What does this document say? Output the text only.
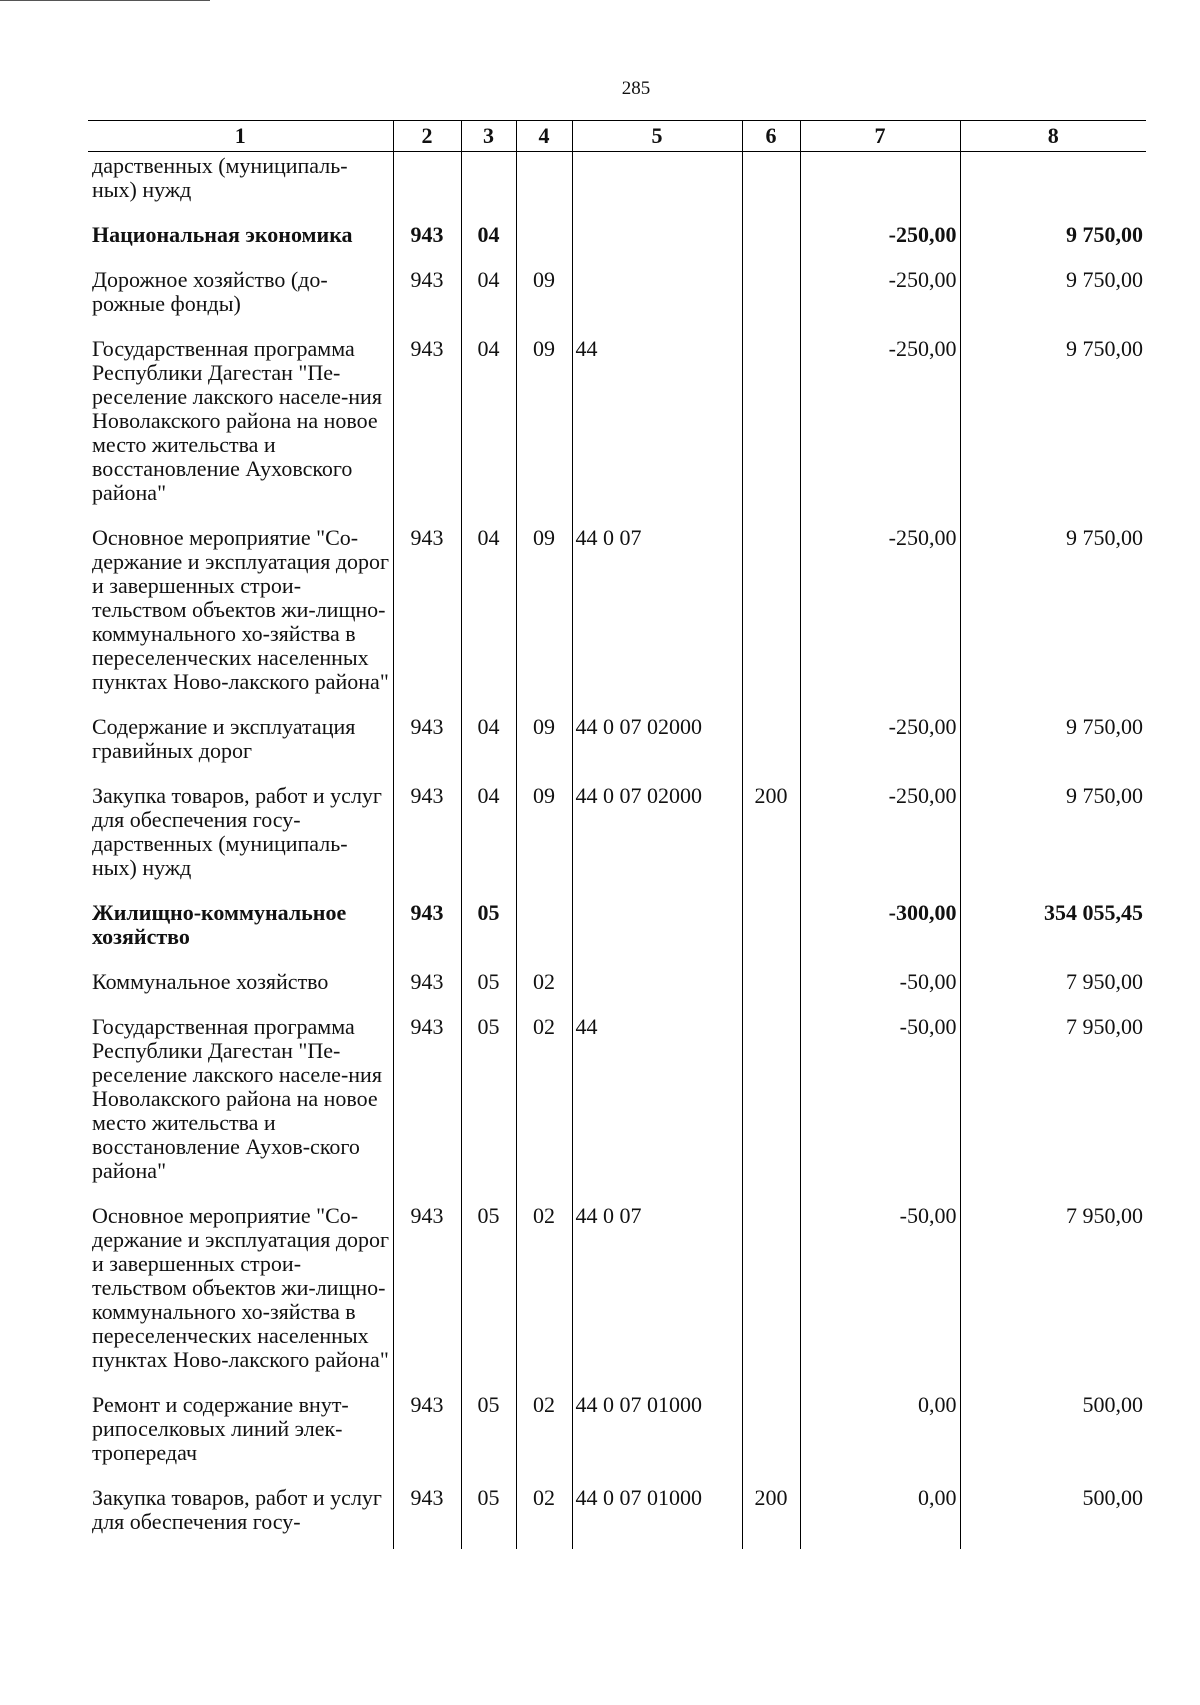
285
1	2	3	4	5	6	7	8
дарственных (муниципаль-ных) нужд							
Национальная экономика	943	04				-250,00	9 750,00
Дорожное хозяйство (до-рожные фонды)	943	04	09			-250,00	9 750,00
Государственная программа Республики Дагестан "Пе-реселение лакского населе-ния Новолакского района на новое место жительства и восстановление Ауховского района"	943	04	09	44		-250,00	9 750,00
Основное мероприятие "Со-держание и эксплуатация дорог и завершенных строи-тельством объектов жи-лищно-коммунального хо-зяйства в переселенческих населенных пунктах Ново-лакского района"	943	04	09	44 0 07		-250,00	9 750,00
Содержание и эксплуатация гравийных дорог	943	04	09	44 0 07 02000		-250,00	9 750,00
Закупка товаров, работ и услуг для обеспечения госу-дарственных (муниципаль-ных) нужд	943	04	09	44 0 07 02000	200	-250,00	9 750,00
Жилищно-коммунальное хозяйство	943	05				-300,00	354 055,45
Коммунальное хозяйство	943	05	02			-50,00	7 950,00
Государственная программа Республики Дагестан "Пе-реселение лакского населе-ния Новолакского района на новое место жительства и восстановление Аухов-ского района"	943	05	02	44		-50,00	7 950,00
Основное мероприятие "Со-держание и эксплуатация дорог и завершенных строи-тельством объектов жи-лищно-коммунального хо-зяйства в переселенческих населенных пунктах Ново-лакского района"	943	05	02	44 0 07		-50,00	7 950,00
Ремонт и содержание внут-рипоселковых линий элек-тропередач	943	05	02	44 0 07 01000		0,00	500,00
Закупка товаров, работ и услуг для обеспечения госу-	943	05	02	44 0 07 01000	200	0,00	500,00
